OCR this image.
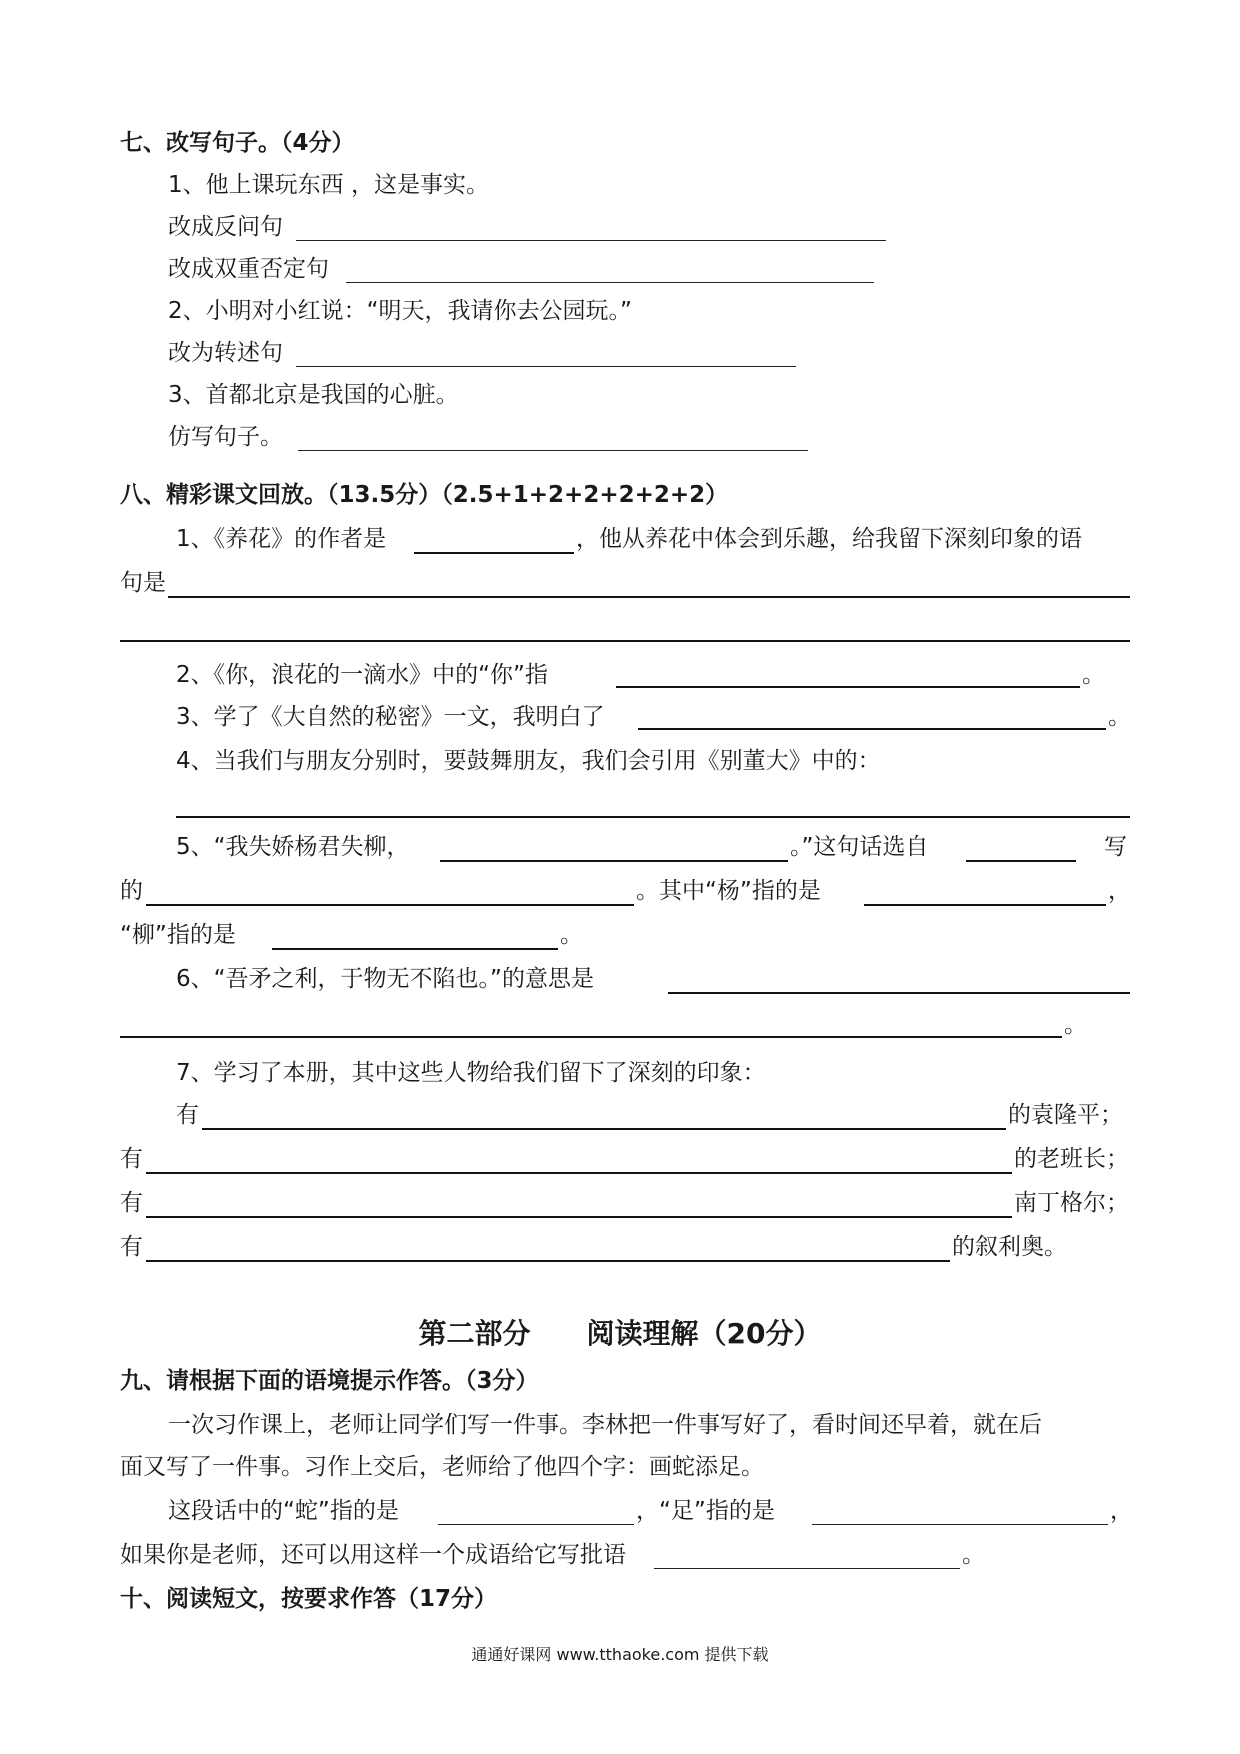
七、改写句子。（4分）
1、他上课玩东西 ，这是事实。
改成反问句
改成双重否定句
2、小明对小红说：“明天，我请你去公园玩。”
改为转述句
3、首都北京是我国的心脏。
仿写句子。
八、精彩课文回放。（13.5分）（2.5+1+2+2+2+2+2）
1、《养花》的作者是	，他从养花中体会到乐趣，给我留下深刻印象的语
句是
2、《你，浪花的一滴水》中的“你”指	。
3、学了《大自然的秘密》一文，我明白了	。
4、当我们与朋友分别时，要鼓舞朋友，我们会引用《别董大》中的：
5、“我失娇杨君失柳，	。”这句话选自	写
的	。其中“杨”指的是	，
“柳”指的是	。
6、“吾矛之利，于物无不陷也。”的意思是
。
7、学习了本册，其中这些人物给我们留下了深刻的印象：
有	的袁隆平；
有	的老班长；
有	南丁格尔；
有	的叙利奥。
第二部分　　阅读理解（20分）
九、请根据下面的语境提示作答。（3分）
一次习作课上，老师让同学们写一件事。李林把一件事写好了，看时间还早着，就在后
面又写了一件事。习作上交后，老师给了他四个字：画蛇添足。
这段话中的“蛇”指的是	，“足”指的是	，
如果你是老师，还可以用这样一个成语给它写批语	。
十、阅读短文，按要求作答（17分）
通通好课网 www.tthaoke.com 提供下载
